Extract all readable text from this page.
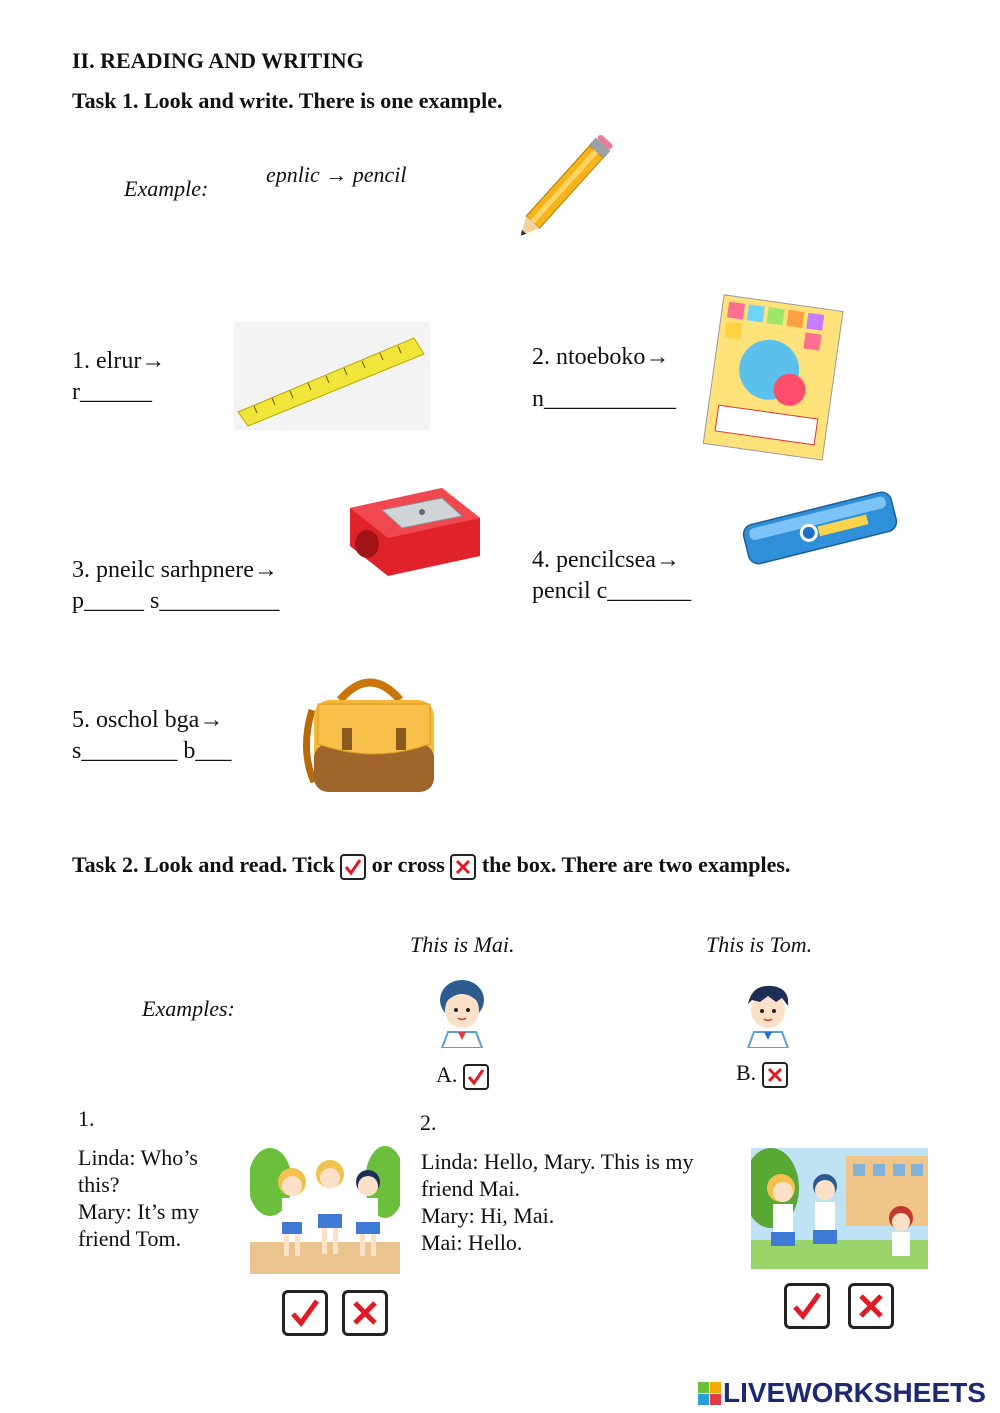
II. READING AND WRITING
Task 1. Look and write. There is one example.
Example:
epnlic → pencil
1. elrur→
r______
2. ntoeboko→
n___________
3. pneilc sarhpnere→
p_____ s__________
4. pencilcsea→
pencil c_______
5. oschol bga→
s________ b___
Task 2. Look and read. Tick or cross the box. There are two examples.
This is Mai.	This is Tom.
Examples:
A.	B.
1.
Linda: Who’s
this?
Mary: It’s my
friend Tom.
2.
Linda: Hello, Mary. This is my
friend Mai.
Mary: Hi, Mai.
Mai: Hello.
LIVEWORKSHEETS
